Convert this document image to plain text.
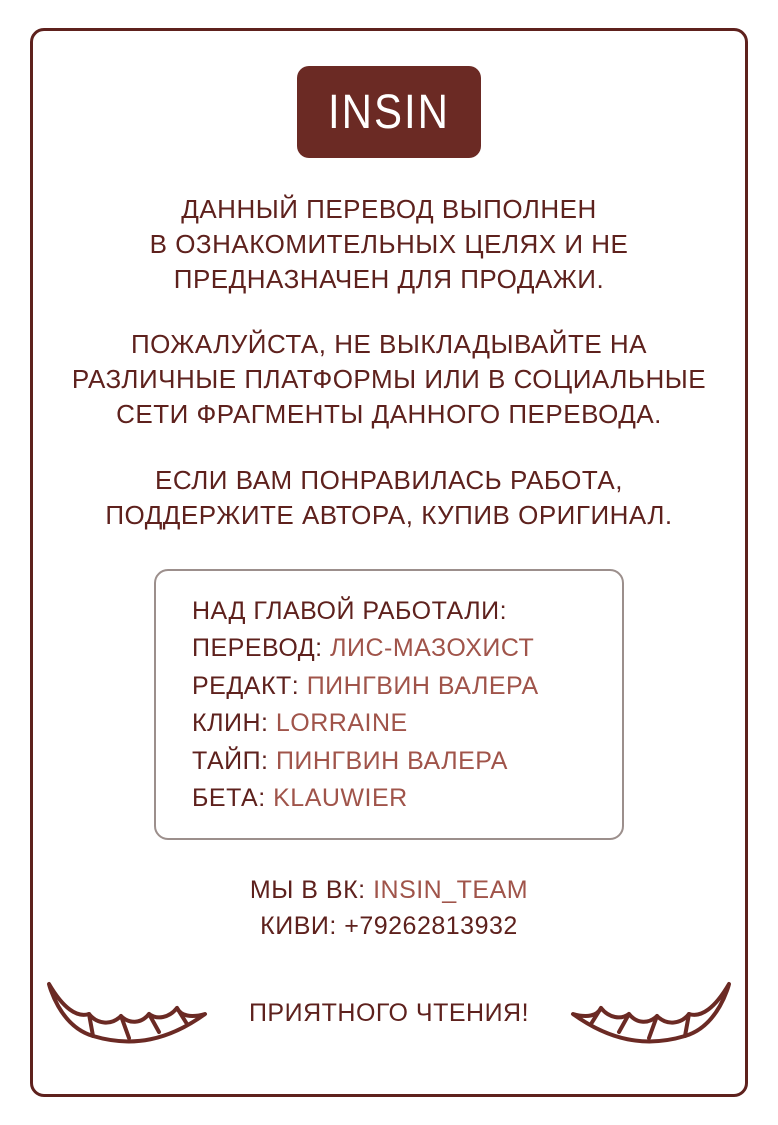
INSIN
ДАННЫЙ ПЕРЕВОД ВЫПОЛНЕН
В ОЗНАКОМИТЕЛЬНЫХ ЦЕЛЯХ И НЕ
ПРЕДНАЗНАЧЕН ДЛЯ ПРОДАЖИ.
ПОЖАЛУЙСТА, НЕ ВЫКЛАДЫВАЙТЕ НА
РАЗЛИЧНЫЕ ПЛАТФОРМЫ ИЛИ В СОЦИАЛЬНЫЕ
СЕТИ ФРАГМЕНТЫ ДАННОГО ПЕРЕВОДА.
ЕСЛИ ВАМ ПОНРАВИЛАСЬ РАБОТА,
ПОДДЕРЖИТЕ АВТОРА, КУПИВ ОРИГИНАЛ.
НАД ГЛАВОЙ РАБОТАЛИ:
ПЕРЕВОД: ЛИС-МАЗОХИСТ
РЕДАКТ: ПИНГВИН ВАЛЕРА
КЛИН: LORRAINE
ТАЙП: ПИНГВИН ВАЛЕРА
БЕТА: KLAUWIER
МЫ В ВК: INSIN_TEAM
КИВИ: +79262813932
ПРИЯТНОГО ЧТЕНИЯ!
